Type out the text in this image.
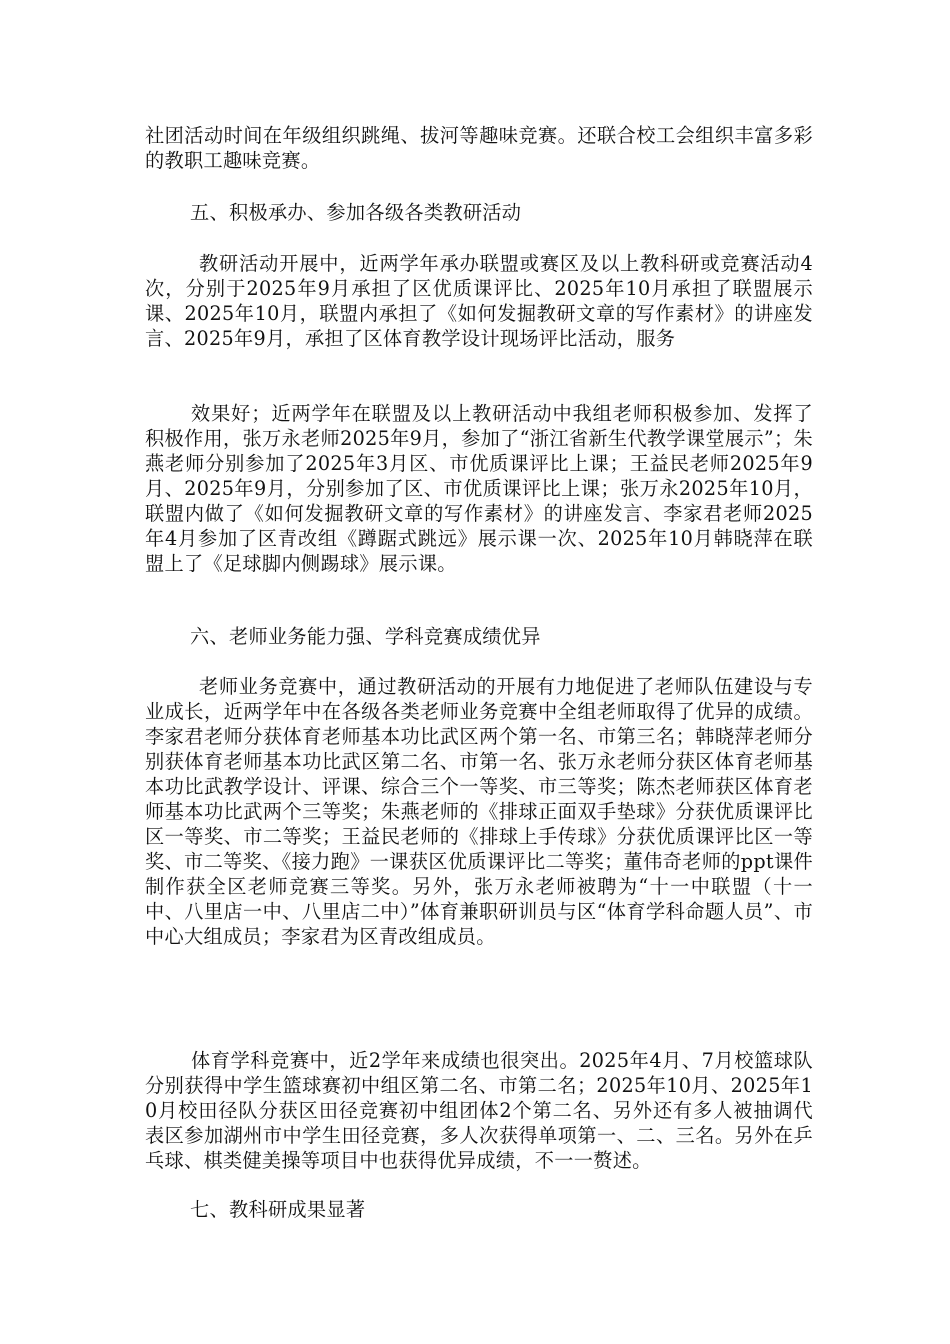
社团活动时间在年级组织跳绳、拔河等趣味竞赛。还联合校工会组织丰富多彩的教职工趣味竞赛。

五、积极承办、参加各级各类教研活动

教研活动开展中，近两学年承办联盟或赛区及以上教科研或竞赛活动4次，分别于2025年9月承担了区优质课评比、2025年10月承担了联盟展示课、2025年10月，联盟内承担了《如何发掘教研文章的写作素材》的讲座发言、2025年9月，承担了区体育教学设计现场评比活动，服务

效果好；近两学年在联盟及以上教研活动中我组老师积极参加、发挥了积极作用，张万永老师2025年9月，参加了“浙江省新生代教学课堂展示”；朱燕老师分别参加了2025年3月区、市优质课评比上课；王益民老师2025年9月、2025年9月，分别参加了区、市优质课评比上课；张万永2025年10月，联盟内做了《如何发掘教研文章的写作素材》的讲座发言、李家君老师2025年4月参加了区青改组《蹲踞式跳远》展示课一次、2025年10月韩晓萍在联盟上了《足球脚内侧踢球》展示课。

六、老师业务能力强、学科竞赛成绩优异

老师业务竞赛中，通过教研活动的开展有力地促进了老师队伍建设与专业成长，近两学年中在各级各类老师业务竞赛中全组老师取得了优异的成绩。李家君老师分获体育老师基本功比武区两个第一名、市第三名；韩晓萍老师分别获体育老师基本功比武区第二名、市第一名、张万永老师分获区体育老师基本功比武教学设计、评课、综合三个一等奖、市三等奖；陈杰老师获区体育老师基本功比武两个三等奖；朱燕老师的《排球正面双手垫球》分获优质课评比区一等奖、市二等奖；王益民老师的《排球上手传球》分获优质课评比区一等奖、市二等奖、《接力跑》一课获区优质课评比二等奖；董伟奇老师的ppt课件制作获全区老师竞赛三等奖。另外，张万永老师被聘为“十一中联盟（十一中、八里店一中、八里店二中）”体育兼职研训员与区“体育学科命题人员”、市中心大组成员；李家君为区青改组成员。

体育学科竞赛中，近2学年来成绩也很突出。2025年4月、7月校篮球队分别获得中学生篮球赛初中组区第二名、市第二名；2025年10月、2025年10月校田径队分获区田径竞赛初中组团体2个第二名、另外还有多人被抽调代表区参加湖州市中学生田径竞赛，多人次获得单项第一、二、三名。另外在乒乓球、棋类健美操等项目中也获得优异成绩，不一一赘述。

七、教科研成果显著
